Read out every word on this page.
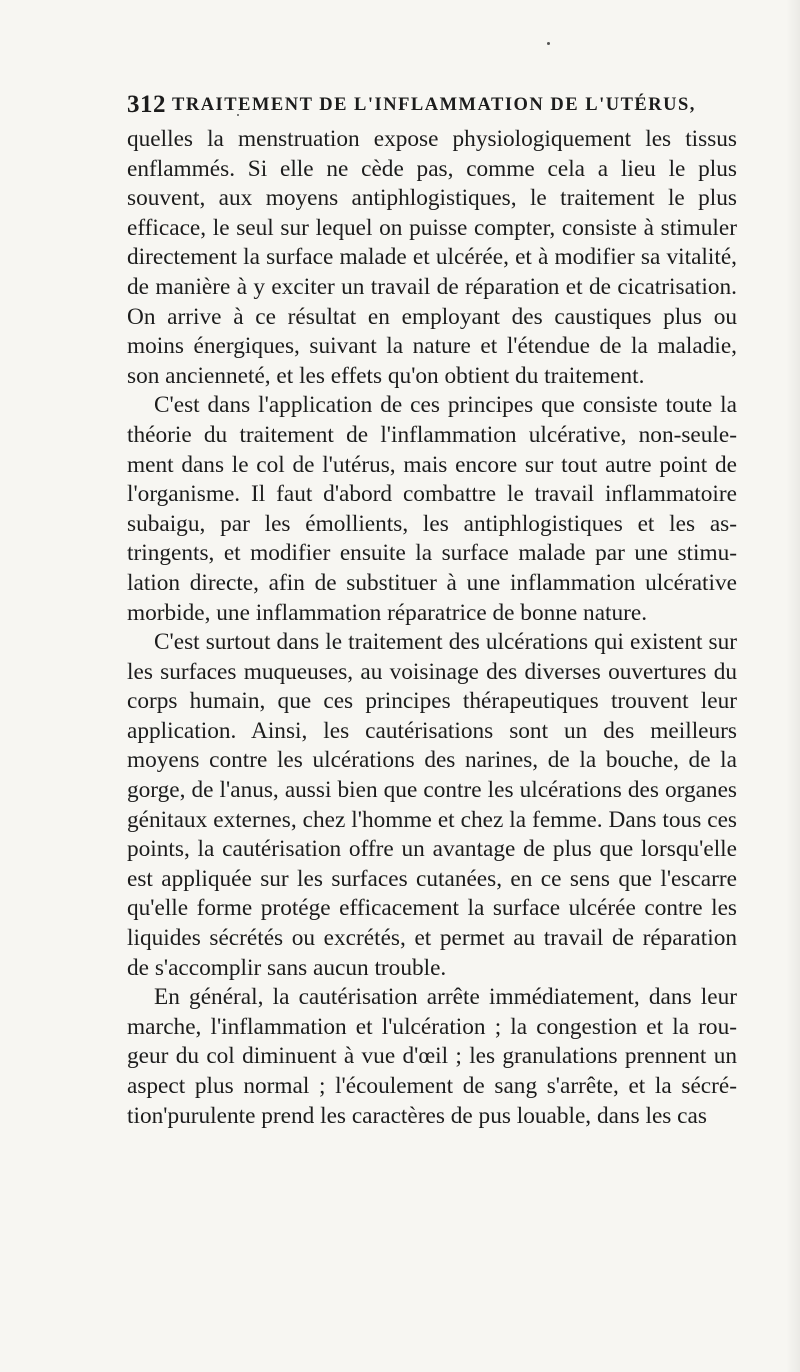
312 TRAITEMENT DE L'INFLAMMATION DE L'UTÉRUS,

quelles la menstruation expose physiologiquement les tissus enflammés. Si elle ne cède pas, comme cela a lieu le plus souvent, aux moyens antiphlogistiques, le traitement le plus efficace, le seul sur lequel on puisse compter, consiste à stimuler directement la surface malade et ulcérée, et à modifier sa vitalité, de manière à y exciter un travail de réparation et de cicatrisation. On arrive à ce résultat en employant des caustiques plus ou moins énergiques, suivant la nature et l'étendue de la maladie, son ancienneté, et les effets qu'on obtient du traitement.

C'est dans l'application de ces principes que consiste toute la théorie du traitement de l'inflammation ulcérative, non-seulement dans le col de l'utérus, mais encore sur tout autre point de l'organisme. Il faut d'abord combattre le travail inflammatoire subaigu, par les émollients, les antiphlogistiques et les astringents, et modifier ensuite la surface malade par une stimulation directe, afin de substituer à une inflammation ulcérative morbide, une inflammation réparatrice de bonne nature.

C'est surtout dans le traitement des ulcérations qui existent sur les surfaces muqueuses, au voisinage des diverses ouvertures du corps humain, que ces principes thérapeutiques trouvent leur application. Ainsi, les cautérisations sont un des meilleurs moyens contre les ulcérations des narines, de la bouche, de la gorge, de l'anus, aussi bien que contre les ulcérations des organes génitaux externes, chez l'homme et chez la femme. Dans tous ces points, la cautérisation offre un avantage de plus que lorsqu'elle est appliquée sur les surfaces cutanées, en ce sens que l'escarre qu'elle forme protége efficacement la surface ulcérée contre les liquides sécrétés ou excrétés, et permet au travail de réparation de s'accomplir sans aucun trouble.

En général, la cautérisation arrête immédiatement, dans leur marche, l'inflammation et l'ulcération ; la congestion et la rougeur du col diminuent à vue d'œil ; les granulations prennent un aspect plus normal ; l'écoulement de sang s'arrête, et la sécrétion'purulente prend les caractères de pus louable, dans les cas
